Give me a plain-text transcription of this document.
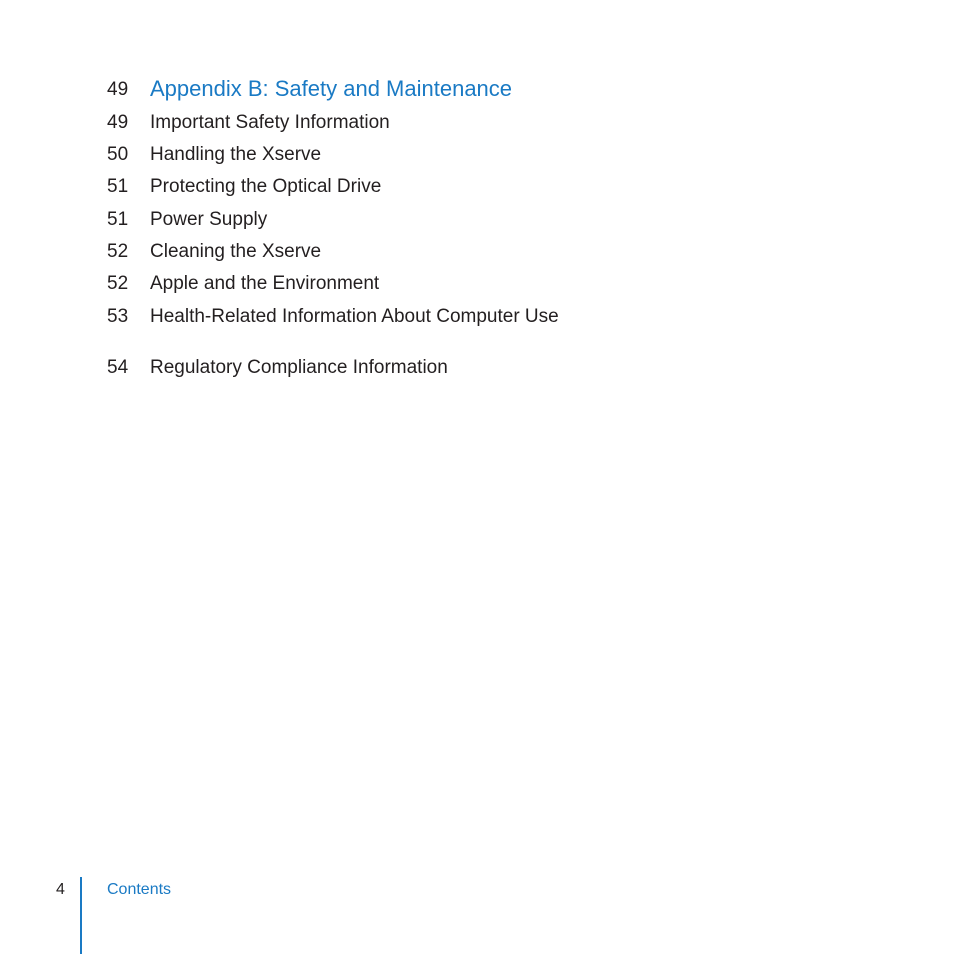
49 Appendix B: Safety and Maintenance
49 Important Safety Information
50 Handling the Xserve
51 Protecting the Optical Drive
51 Power Supply
52 Cleaning the Xserve
52 Apple and the Environment
53 Health-Related Information About Computer Use
54 Regulatory Compliance Information
4	Contents
